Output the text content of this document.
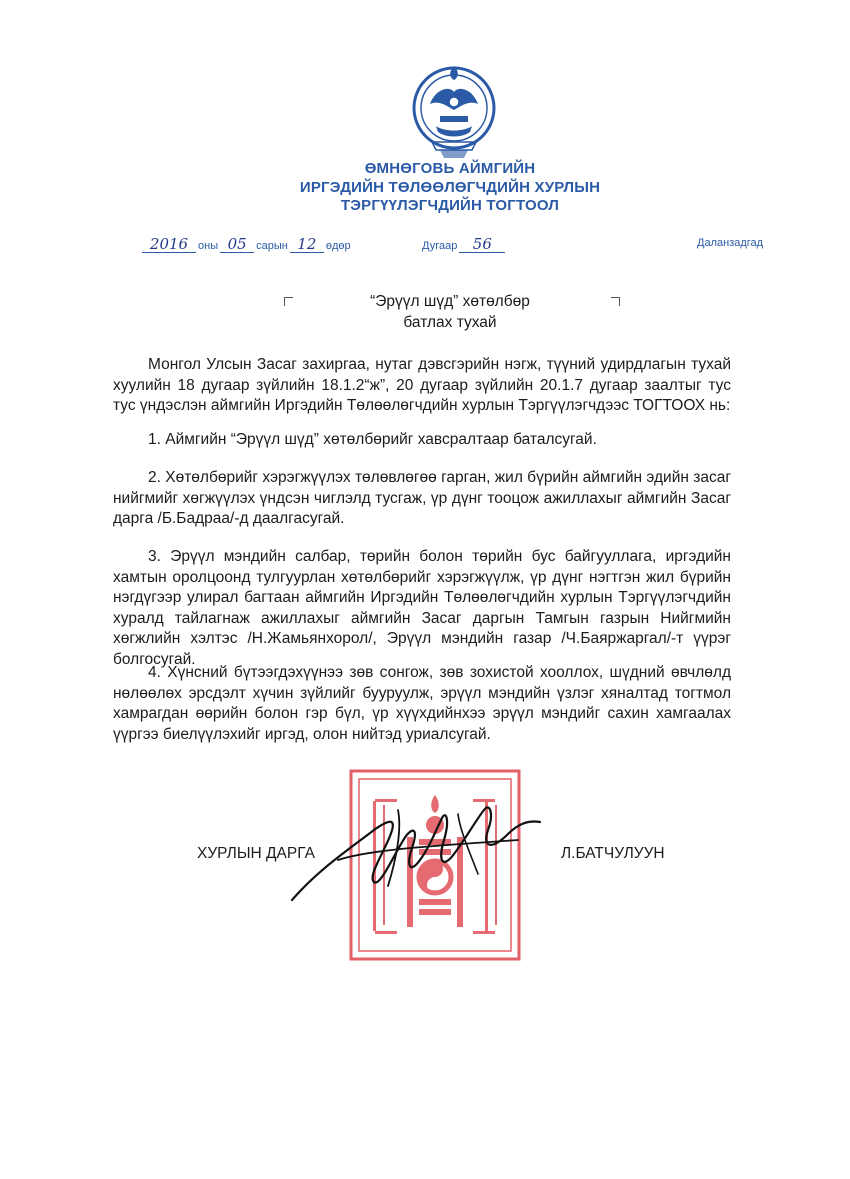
ӨМНӨГОВЬ АЙМГИЙН
ИРГЭДИЙН ТӨЛӨӨЛӨГЧДИЙН ХУРЛЫН
ТЭРГҮҮЛЭГЧДИЙН ТОГТООЛ
2016 оны 05 сарын 12 өдөр	Дугаар 56	Даланзадгад
“Эрүүл шүд” хөтөлбөр
батлах тухай
Монгол Улсын Засаг захиргаа, нутаг дэвсгэрийн нэгж, түүний удирдлагын тухай хуулийн 18 дугаар зүйлийн 18.1.2“ж”, 20 дугаар зүйлийн 20.1.7 дугаар заалтыг тус тус үндэслэн аймгийн Иргэдийн Төлөөлөгчдийн хурлын Тэргүүлэгчдээс ТОГТООХ нь:
1. Аймгийн “Эрүүл шүд” хөтөлбөрийг хавсралтаар баталсугай.
2. Хөтөлбөрийг хэрэгжүүлэх төлөвлөгөө гарган, жил бүрийн аймгийн эдийн засаг нийгмийг хөгжүүлэх үндсэн чиглэлд тусгаж, үр дүнг тооцож ажиллахыг аймгийн Засаг дарга /Б.Бадраа/-д даалгасугай.
3. Эрүүл мэндийн салбар, төрийн болон төрийн бус байгууллага, иргэдийн хамтын оролцоонд тулгуурлан хөтөлбөрийг хэрэгжүүлж, үр дүнг нэгтгэн жил бүрийн нэгдүгээр улирал багтаан аймгийн Иргэдийн Төлөөлөгчдийн хурлын Тэргүүлэгчдийн хуралд тайлагнаж ажиллахыг аймгийн Засаг даргын Тамгын газрын Нийгмийн хөгжлийн хэлтэс /Н.Жамьянхорол/, Эрүүл мэндийн газар /Ч.Баяржаргал/-т үүрэг болгосугай.
4. Хүнсний бүтээгдэхүүнээ зөв сонгож, зөв зохистой хооллох, шүдний өвчлөлд нөлөөлөх эрсдэлт хүчин зүйлийг бууруулж, эрүүл мэндийн үзлэг хяналтад тогтмол хамрагдан өөрийн болон гэр бүл, үр хүүхдийнхээ эрүүл мэндийг сахин хамгаалах үүргээ биелүүлэхийг иргэд, олон нийтэд уриалсугай.
ХУРЛЫН ДАРГА	Л.БАТЧУЛУУН
